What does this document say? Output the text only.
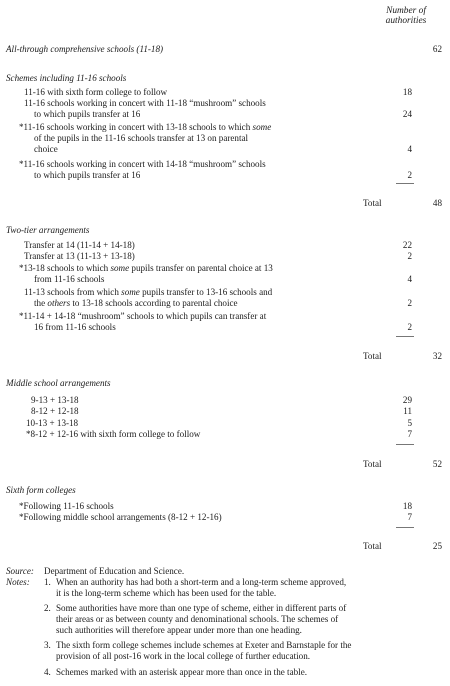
Number of
authorities
All-through comprehensive schools (11-18)	62
Schemes including 11-16 schools
11-16 with sixth form college to follow	18
11-16 schools working in concert with 11-18 “mushroom” schools
to which pupils transfer at 16	24
*11-16 schools working in concert with 13-18 schools to which some
of the pupils in the 11-16 schools transfer at 13 on parental
choice	4
*11-16 schools working in concert with 14-18 “mushroom” schools
to which pupils transfer at 16	2
Total	48
Two-tier arrangements
Transfer at 14 (11-14 + 14-18)	22
Transfer at 13 (11-13 + 13-18)	2
*13-18 schools to which some pupils transfer on parental choice at 13
from 11-16 schools	4
11-13 schools from which some pupils transfer to 13-16 schools and
the others to 13-18 schools according to parental choice	2
*11-14 + 14-18 “mushroom” schools to which pupils can transfer at
16 from 11-16 schools	2
Total	32
Middle school arrangements
9-13 + 13-18	29
8-12 + 12-18	11
10-13 + 13-18	5
*8-12 + 12-16 with sixth form college to follow	7
Total	52
Sixth form colleges
*Following 11-16 schools	18
*Following middle school arrangements (8-12 + 12-16)	7
Total	25
Source: Department of Education and Science.
Notes: 1. When an authority has had both a short-term and a long-term scheme approved,
it is the long-term scheme which has been used for the table.
2. Some authorities have more than one type of scheme, either in different parts of
their areas or as between county and denominational schools. The schemes of
such authorities will therefore appear under more than one heading.
3. The sixth form college schemes include schemes at Exeter and Barnstaple for the
provision of all post-16 work in the local college of further education.
4. Schemes marked with an asterisk appear more than once in the table.
